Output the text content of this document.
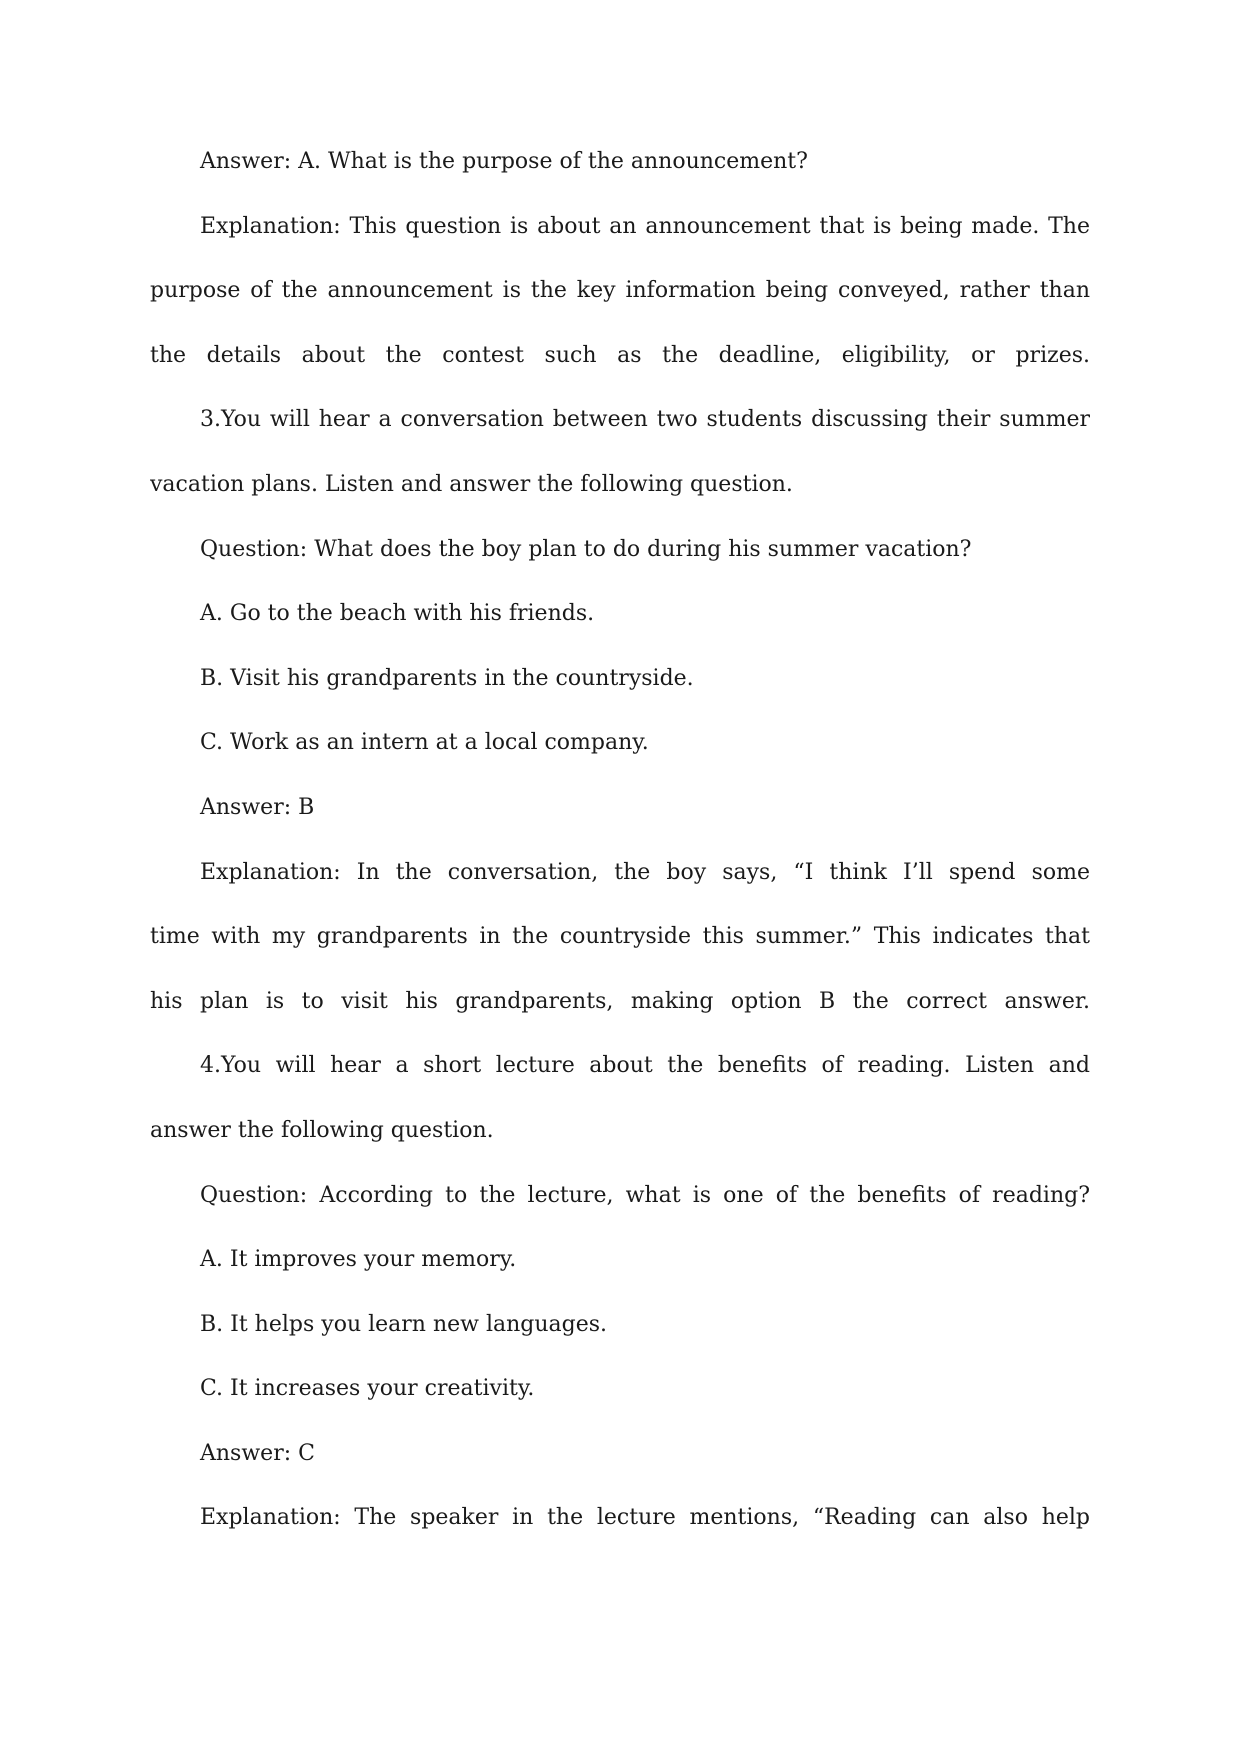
Answer: A. What is the purpose of the announcement?
Explanation: This question is about an announcement that is being made. The
purpose of the announcement is the key information being conveyed, rather than
the details about the contest such as the deadline, eligibility, or prizes.
3.You will hear a conversation between two students discussing their summer
vacation plans. Listen and answer the following question.
Question: What does the boy plan to do during his summer vacation?
A. Go to the beach with his friends.
B. Visit his grandparents in the countryside.
C. Work as an intern at a local company.
Answer: B
Explanation: In the conversation, the boy says, “I think I’ll spend some
time with my grandparents in the countryside this summer.” This indicates that
his plan is to visit his grandparents, making option B the correct answer.
4.You will hear a short lecture about the benefits of reading. Listen and
answer the following question.
Question: According to the lecture, what is one of the benefits of reading?
A. It improves your memory.
B. It helps you learn new languages.
C. It increases your creativity.
Answer: C
Explanation: The speaker in the lecture mentions, “Reading can also help
